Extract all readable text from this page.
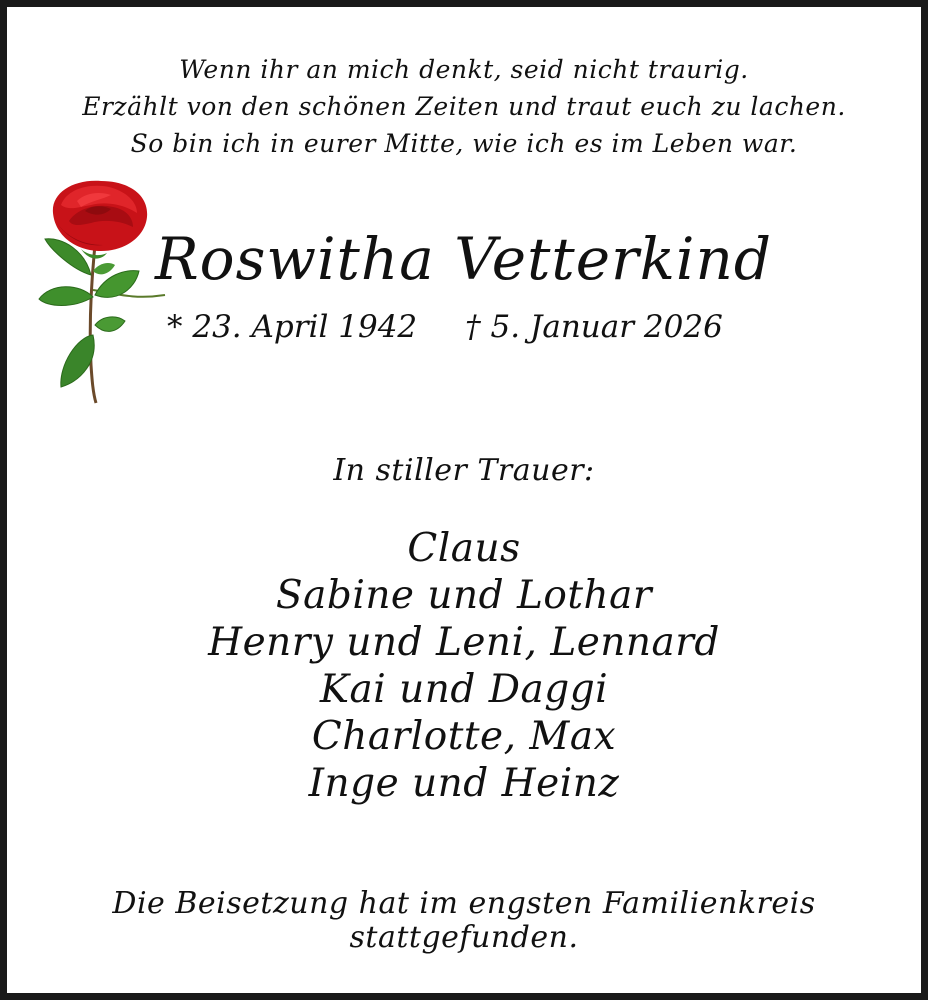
Wenn ihr an mich denkt, seid nicht traurig.
Erzählt von den schönen Zeiten und traut euch zu lachen.
So bin ich in eurer Mitte, wie ich es im Leben war.
Roswitha Vetterkind
* 23. April 1942 † 5. Januar 2026
In stiller Trauer:
Claus
Sabine und Lothar
Henry und Leni, Lennard
Kai und Daggi
Charlotte, Max
Inge und Heinz
Die Beisetzung hat im engsten Familienkreis
stattgefunden.
